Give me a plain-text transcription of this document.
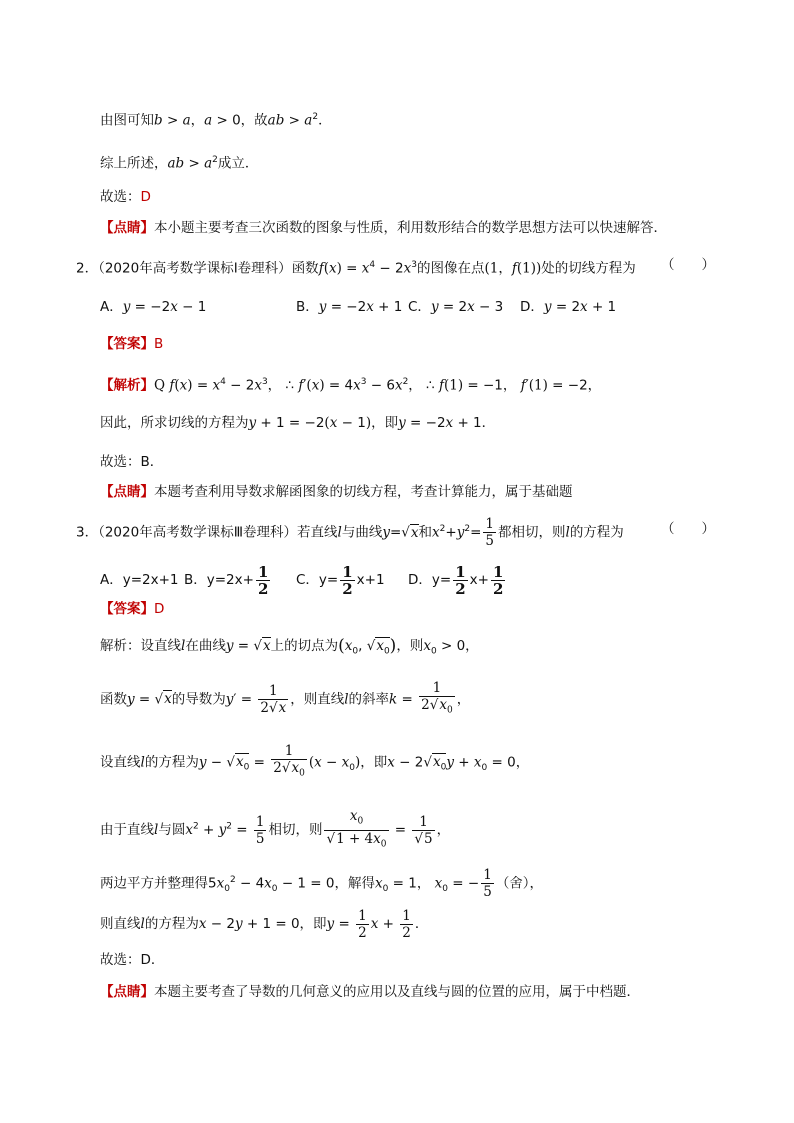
由图可知b > a，a > 0，故ab > $a^2$．
综上所述，ab > $a^2$成立．
故选：D
【点睛】本小题主要考查三次函数的图象与性质，利用数形结合的数学思想方法可以快速解答．
2．（2020年高考数学课标Ⅰ卷理科）函数$f(x) = x^4 - 2x^3$的图像在点(1，f(1))处的切线方程为 （　　）
A．y = −2x − 1	B．y = −2x + 1 C．y = 2x − 3 D．y = 2x + 1
【答案】B
【解析】Q $f(x) = x^4 - 2x^3$， ∴ $f'(x) = 4x^3 - 6x^2$， ∴ f(1) = −1， f′(1) = −2，
因此，所求切线的方程为y + 1 = −2(x − 1)，即y = −2x + 1．
故选：B．
【点睛】本题考查利用导数求解函图象的切线方程，考查计算能力，属于基础题
3．（2020年高考数学课标Ⅲ卷理科）若直线l与曲线y=√x和$x^2+y^2= \frac{1}{5}$ 都相切，则l的方程为	（　　）
A．y=2x+1 B．$y=2x+ \frac{1}{2}$ C．$y= \frac{1}{2} x+1$ D．$y= \frac{1}{2} x+ \frac{1}{2}$
【答案】D
解析：设直线l在曲线y = √x上的切点为($x_0$, $√x_0$)，则$x_0 > 0$，
函数y = √x的导数为$y' = \frac{1}{2√x}$ ，则直线l的斜率$k = \frac{1}{2√x_0}$ ，
设直线l的方程为$y - √x_0 = \frac{1}{2√x_0} (x - x_0)$，即$x - 2√x_0y + x_0 = 0$，
由于直线l与圆$x^2 + y^2 = \frac{1}{5}$ 相切，则 $\frac{x_0}{√1 + 4x_0} = \frac{1}{√5}$ ，
两边平方并整理得$5x_0^2 - 4x_0 - 1 = 0$，解得$x_0 = 1$， $x_0$ = − $\frac{1}{5}$ （舍），
则直线l的方程为x − 2y + 1 = 0，即$y = \frac{1}{2}$ $x + \frac{1}{2}$ ．
故选：D．
【点睛】本题主要考查了导数的几何意义的应用以及直线与圆的位置的应用，属于中档题．
